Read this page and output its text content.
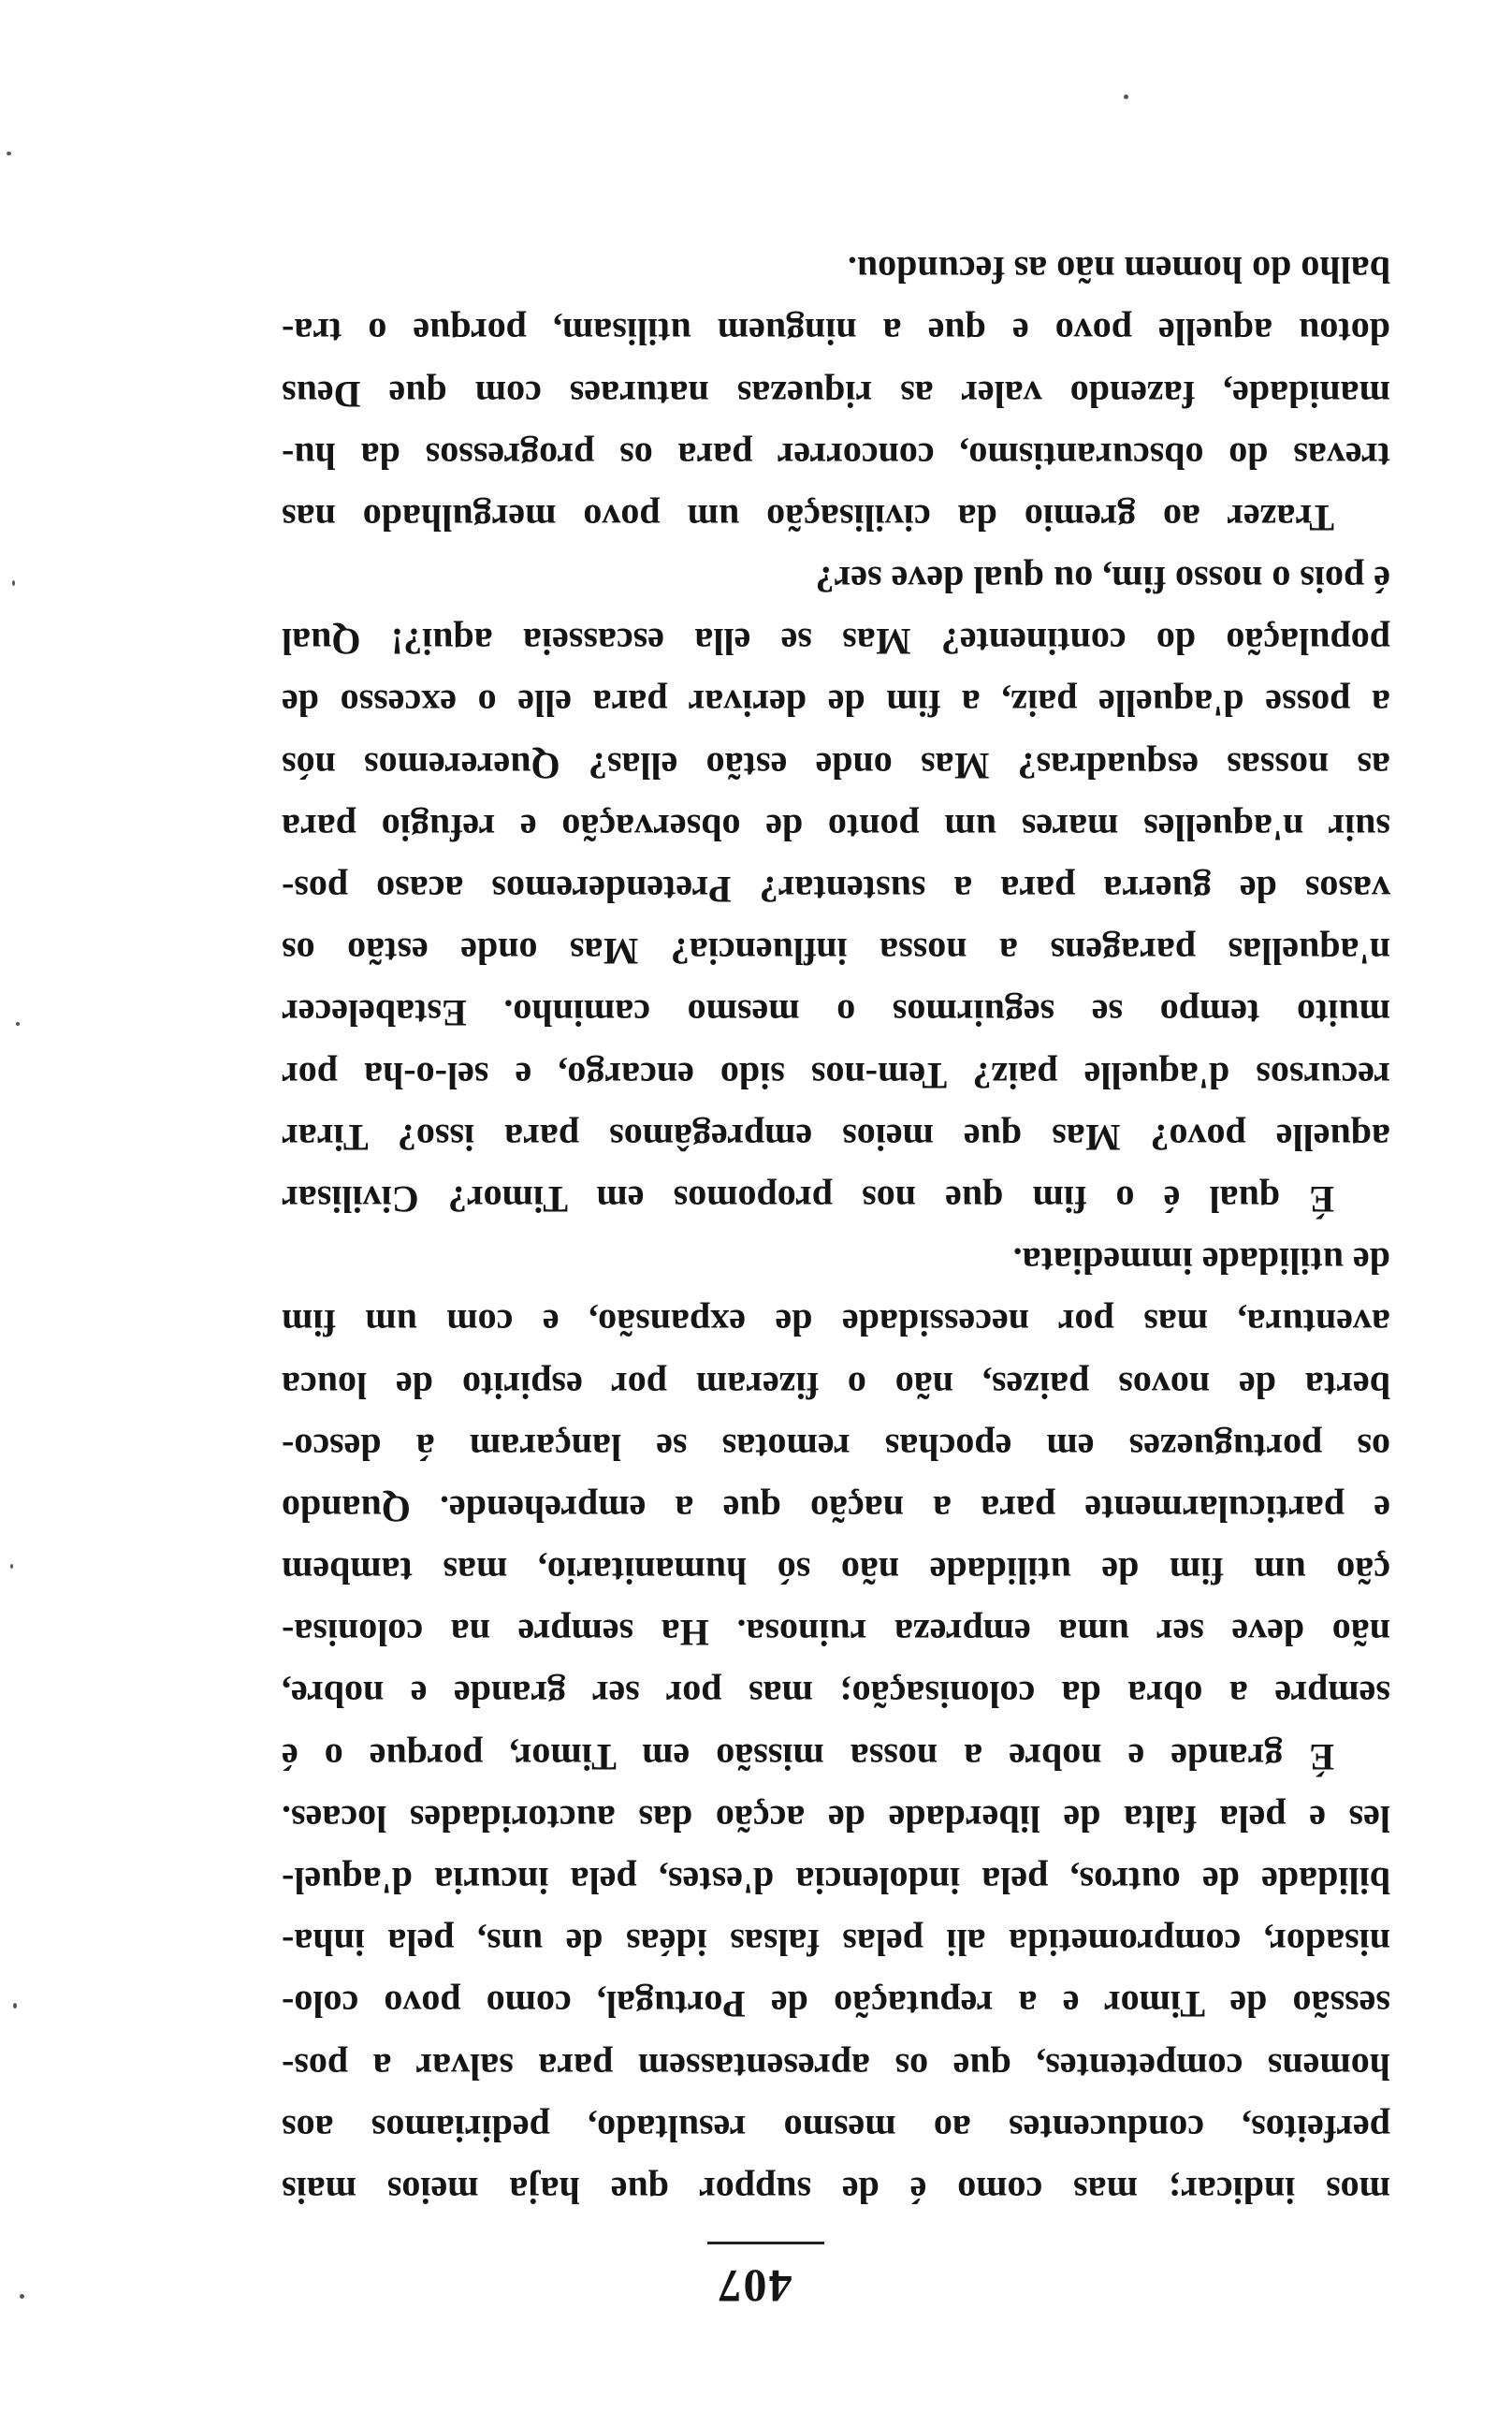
407
mos indicar; mas como é de suppor que haja meios mais
perfeitos, conducentes ao mesmo resultado, pediriamos aos
homens competentes, que os apresentassem para salvar a pos-
sessão de Timor e a reputação de Portugal, como povo colo-
nisador, comprometida ali pelas falsas idéas de uns, pela inha-
bilidade de outros, pela indolencia d'estes, pela incuria d'aquel-
les e pela falta de liberdade de acção das auctoridades locaes.
É grande e nobre a nossa missão em Timor, porque o é
sempre a obra da colonisação; mas por ser grande e nobre,
não deve ser uma empreza ruinosa. Ha sempre na colonisa-
ção um fim de utilidade não só humanitario, mas tambem
e particularmente para a nação que a emprehende. Quando
os portuguezes em epochas remotas se lançaram á desco-
berta de novos paizes, não o fizeram por espirito de louca
aventura, mas por necessidade de expansão, e com um fim
de utilidade immediata.
É qual é o fim que nos propomos em Timor? Civilisar
aquelle povo? Mas que meios empregâmos para isso? Tirar
recursos d'aquelle paiz? Tem-nos sido encargo, e sel-o-ha por
muito tempo se seguirmos o mesmo caminho. Estabelecer
n'aquellas paragens a nossa influencia? Mas onde estão os
vasos de guerra para a sustentar? Pretenderemos acaso pos-
suir n'aquelles mares um ponto de observação e refugio para
as nossas esquadras? Mas onde estão ellas? Quereremos nós
a posse d'aquelle paiz, a fim de derivar para elle o excesso de
população do continente? Mas se ella escasseia aqui?! Qual
é pois o nosso fim, ou qual deve ser?
Trazer ao gremio da civilisação um povo mergulhado nas
trevas do obscurantismo, concorrer para os progressos da hu-
manidade, fazendo valer as riquezas naturaes com que Deus
dotou aquelle povo e que a ninguem utilisam, porque o tra-
balho do homem não as fecundou.
